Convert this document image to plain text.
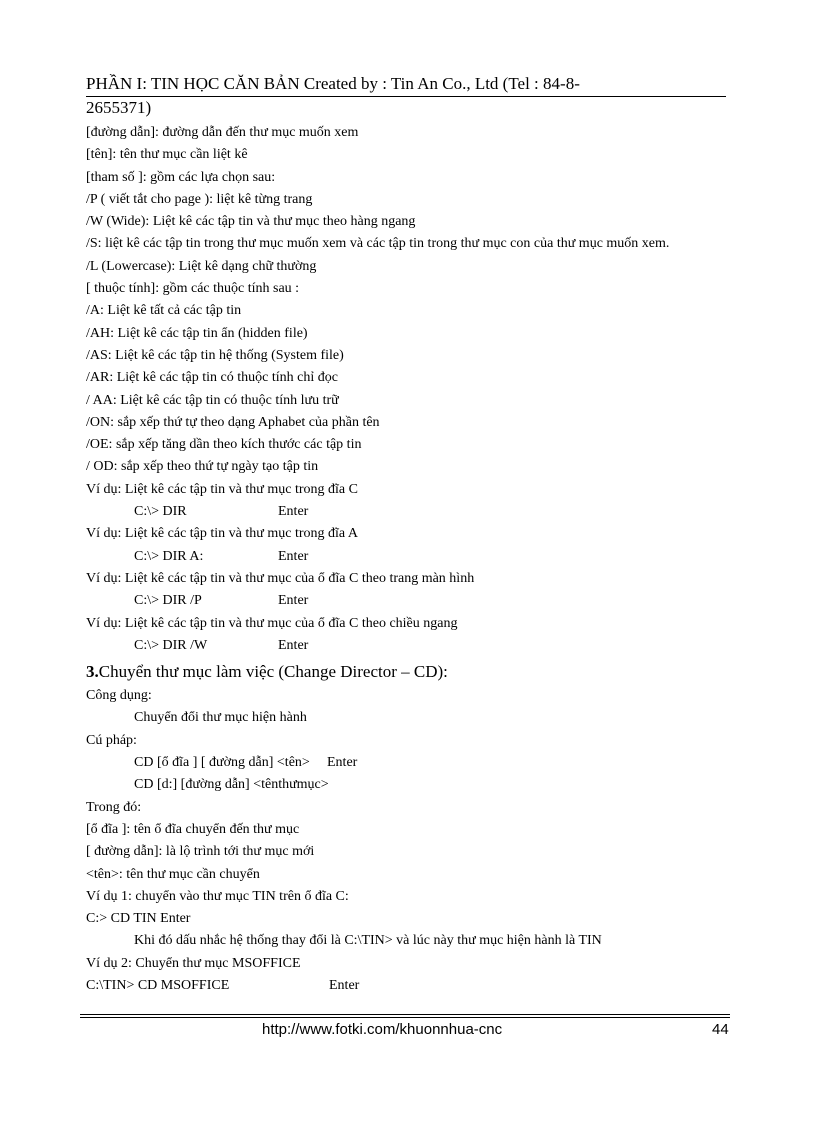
PHẦN I: TIN HỌC CĂN BẢN Created by : Tin An Co., Ltd (Tel : 84-8-
2655371)
[đường dẫn]: đường dẫn đến thư mục muốn xem
[tên]: tên thư mục cần liệt kê
[tham số ]: gồm các lựa chọn sau:
/P ( viết tắt cho page ): liệt kê từng trang
/W (Wide): Liệt kê các tập tin và thư mục theo hàng ngang
/S: liệt kê các tập tin trong thư mục muốn xem và các tập tin trong thư mục con của thư mục muốn xem.
/L (Lowercase): Liệt kê dạng chữ thường
[ thuộc tính]: gồm các thuộc tính sau :
/A: Liệt kê tất cả các tập tin
/AH: Liệt kê các tập tin ẩn (hidden file)
/AS: Liệt kê các tập tin hệ thống (System file)
/AR: Liệt kê các tập tin có thuộc tính chỉ đọc
/ AA: Liệt kê các tập tin có thuộc tính lưu trữ
/ON: sắp xếp thứ tự theo dạng Aphabet của phần tên
/OE: sắp xếp tăng dần theo kích thước các tập tin
/ OD: sắp xếp theo thứ tự ngày tạo tập tin
Ví dụ: Liệt kê các tập tin và thư mục trong đĩa C
C:\> DIR	Enter
Ví dụ: Liệt kê các tập tin và thư mục trong đĩa A
C:\> DIR A:	Enter
Ví dụ: Liệt kê các tập tin và thư mục của ổ đĩa C theo trang màn hình
C:\> DIR /P	Enter
Ví dụ: Liệt kê các tập tin và thư mục của ổ đĩa C theo chiều ngang
C:\> DIR /W	Enter
3.Chuyển thư mục làm việc (Change Director – CD):
Công dụng:
Chuyển đổi thư mục hiện hành
Cú pháp:
CD [ổ đĩa ] [ đường dẫn] <tên> Enter
CD [d:] [đường dẫn] <tênthưmục>
Trong đó:
[ổ đĩa ]: tên ổ đĩa chuyển đến thư mục
[ đường dẫn]: là lộ trình tới thư mục mới
<tên>: tên thư mục cần chuyển
Ví dụ 1: chuyển vào thư mục TIN trên ổ đĩa C:
C:> CD TIN Enter
Khi đó dấu nhắc hệ thống thay đổi là C:\TIN> và lúc này thư mục hiện hành là TIN
Ví dụ 2: Chuyển thư mục MSOFFICE
C:\TIN> CD MSOFFICE	Enter
http://www.fotki.com/khuonnhua-cnc	44
